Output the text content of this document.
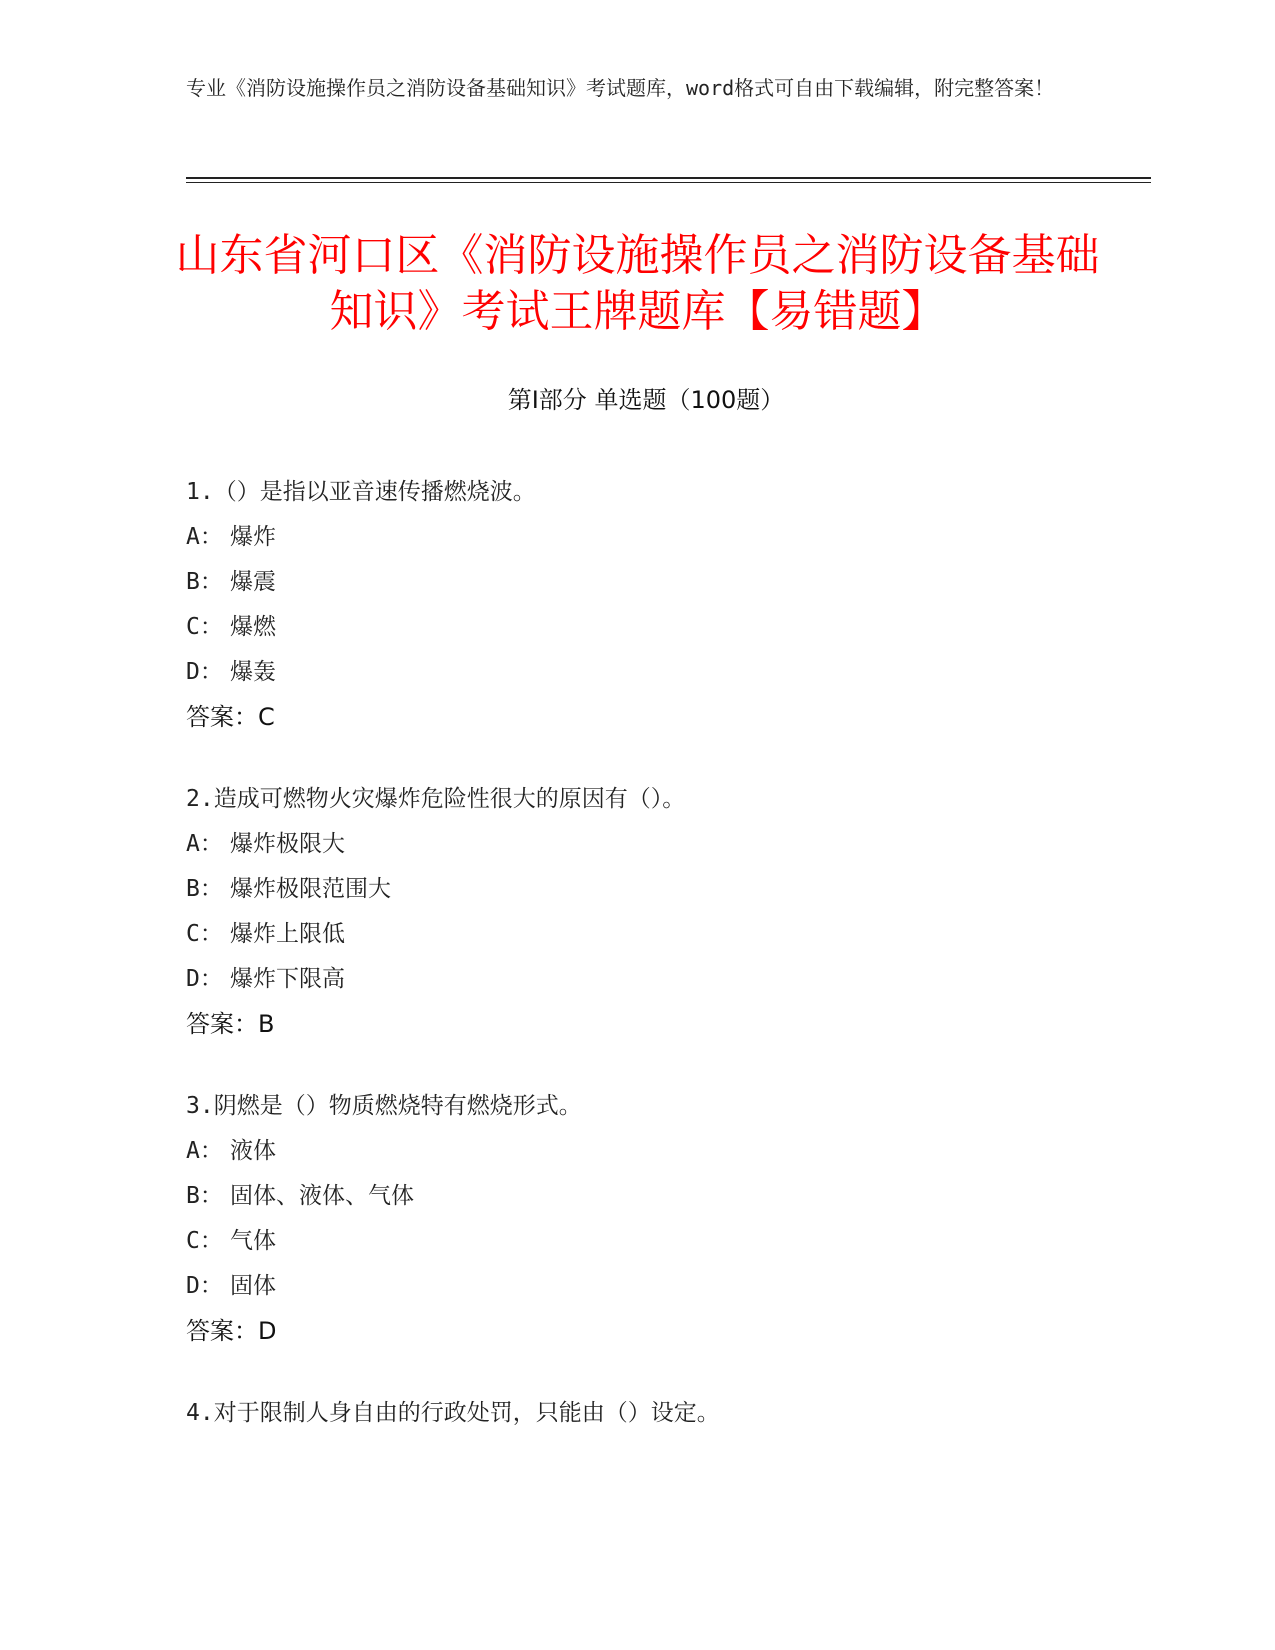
专业《消防设施操作员之消防设备基础知识》考试题库，word格式可自由下载编辑，附完整答案！
山东省河口区《消防设施操作员之消防设备基础知识》考试王牌题库【易错题】
第I部分 单选题（100题）
1.（）是指以亚音速传播燃烧波。
A： 爆炸
B： 爆震
C： 爆燃
D： 爆轰
答案：C
2.造成可燃物火灾爆炸危险性很大的原因有（）。
A： 爆炸极限大
B： 爆炸极限范围大
C： 爆炸上限低
D： 爆炸下限高
答案：B
3.阴燃是（）物质燃烧特有燃烧形式。
A： 液体
B： 固体、液体、气体
C： 气体
D： 固体
答案：D
4.对于限制人身自由的行政处罚，只能由（）设定。
